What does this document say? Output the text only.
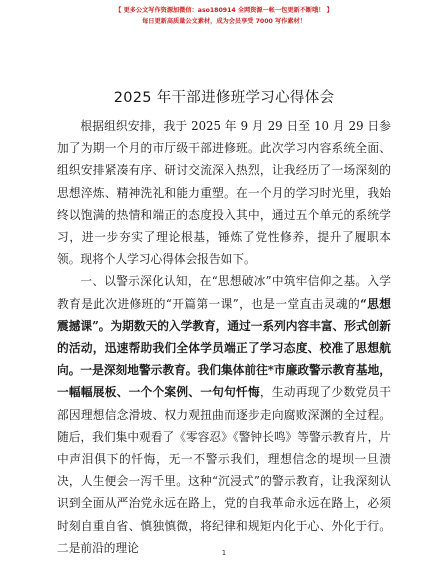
【 更多公文写作资源加微信：aso180914 全网资源一帐一包更新不断哦！ 】
每日更新高质量公文素材，成为会员享受 7000 写作素材！
2025 年干部进修班学习心得体会

根据组织安排，我于 2025 年 9 月 29 日至 10 月 29 日参加了为期一个月的市厅级干部进修班。此次学习内容系统全面、组织安排紧凑有序、研讨交流深入热烈，让我经历了一场深刻的思想淬炼、精神洗礼和能力重塑。在一个月的学习时光里，我始终以饱满的热情和端正的态度投入其中，通过五个单元的系统学习，进一步夯实了理论根基，锤炼了党性修养，提升了履职本领。现将个人学习心得体会报告如下。

一、以警示深化认知，在“思想破冰”中筑牢信仰之基。入学教育是此次进修班的“开篇第一课”，也是一堂直击灵魂的“思想震撼课”。为期数天的入学教育，通过一系列内容丰富、形式创新的活动，迅速帮助我们全体学员端正了学习态度、校准了思想航向。一是深刻地警示教育。我们集体前往*市廉政警示教育基地，一幅幅展板、一个个案例、一句句忏悔，生动再现了少数党员干部因理想信念滑坡、权力观扭曲而逐步走向腐败深渊的全过程。随后，我们集中观看了《零容忍》《警钟长鸣》等警示教育片，片中声泪俱下的忏悔，无一不警示我们，理想信念的堤坝一旦溃决，人生便会一泻千里。这种“沉浸式”的警示教育，让我深刻认识到全面从严治党永远在路上，党的自我革命永远在路上，必须时刻自重自省、慎独慎微，将纪律和规矩内化于心、外化于行。二是前沿的理论	1
